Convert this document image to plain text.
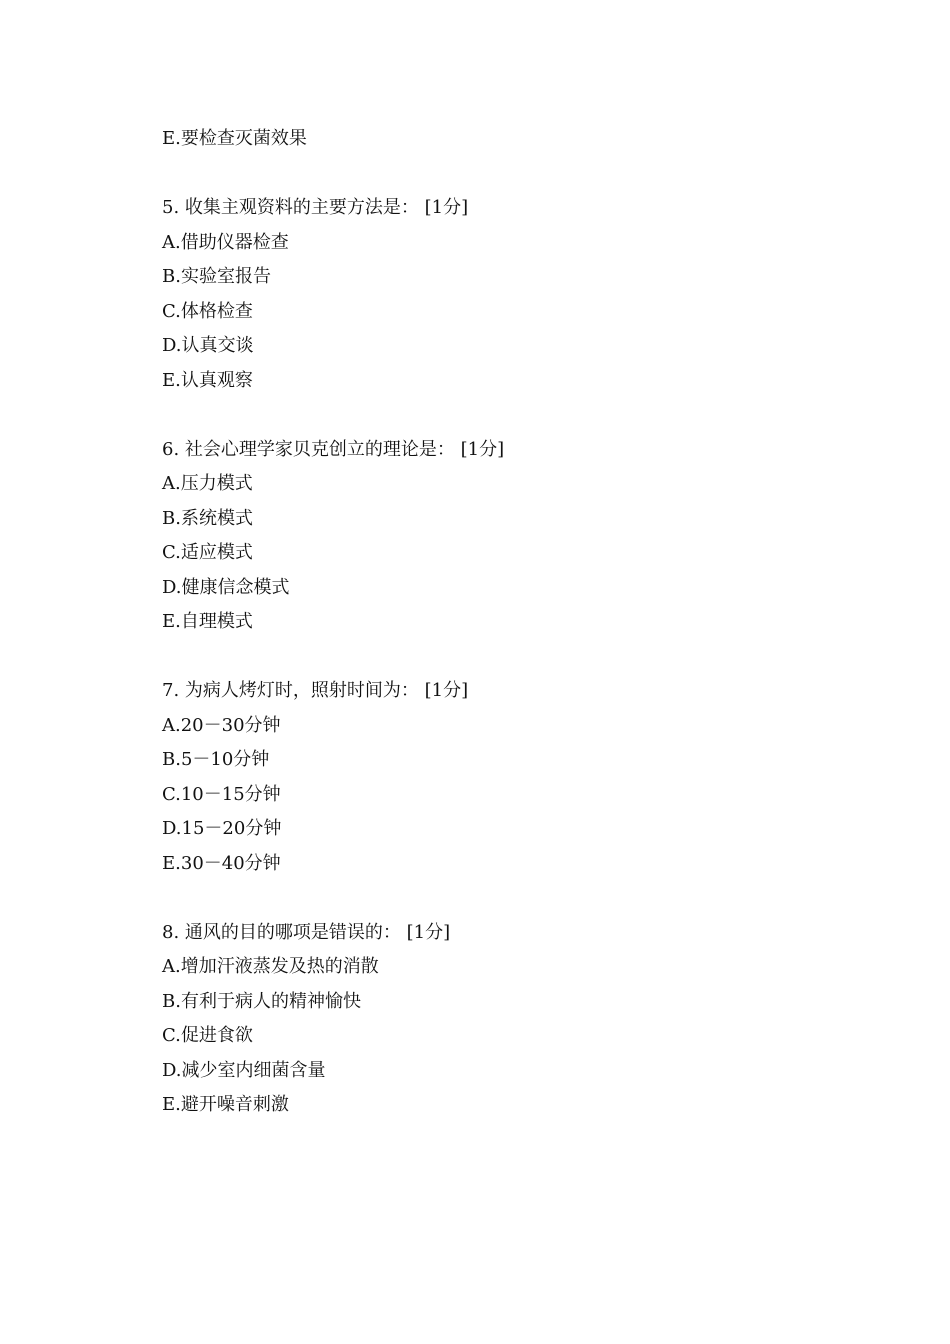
E.要检查灭菌效果
5. 收集主观资料的主要方法是： [1分]
A.借助仪器检查
B.实验室报告
C.体格检查
D.认真交谈
E.认真观察
6. 社会心理学家贝克创立的理论是： [1分]
A.压力模式
B.系统模式
C.适应模式
D.健康信念模式
E.自理模式
7. 为病人烤灯时，照射时间为： [1分]
A.20－30分钟
B.5－10分钟
C.10－15分钟
D.15－20分钟
E.30－40分钟
8. 通风的目的哪项是错误的： [1分]
A.增加汗液蒸发及热的消散
B.有利于病人的精神愉快
C.促进食欲
D.减少室内细菌含量
E.避开噪音刺激
